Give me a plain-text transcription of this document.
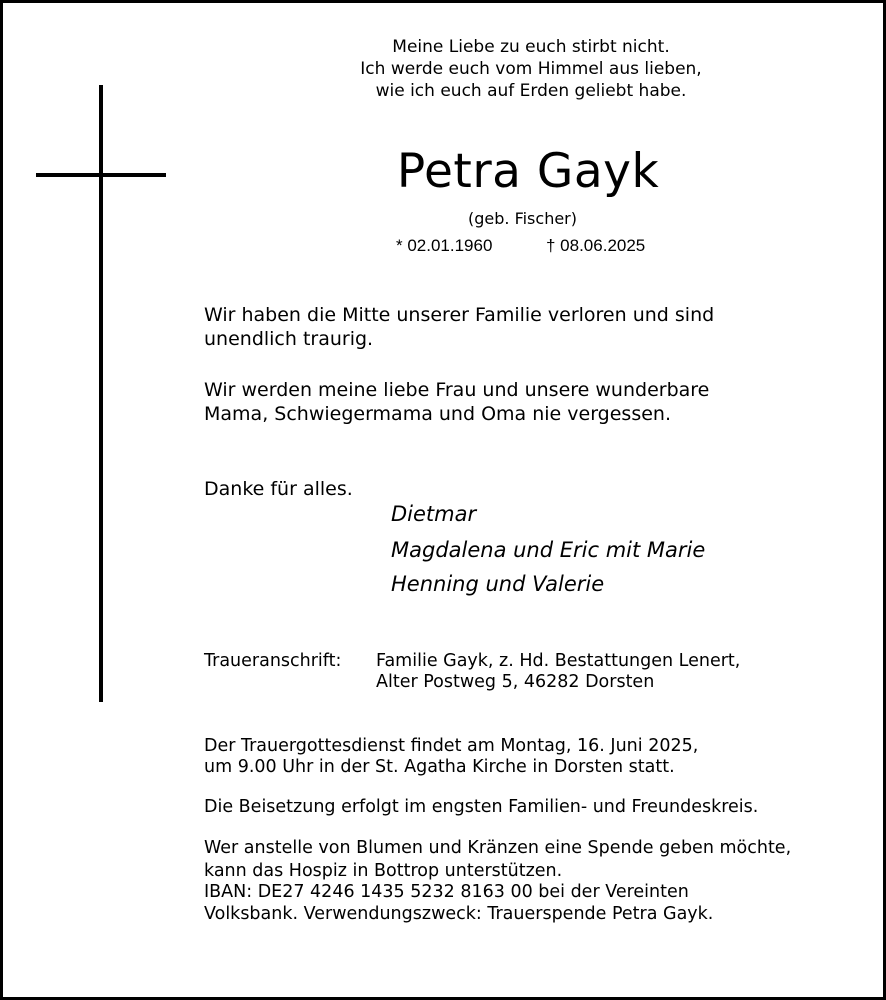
Meine Liebe zu euch stirbt nicht.
Ich werde euch vom Himmel aus lieben,
wie ich euch auf Erden geliebt habe.
Petra Gayk
(geb. Fischer)
* 02.01.1960	† 08.06.2025
Wir haben die Mitte unserer Familie verloren und sind
unendlich traurig.
Wir werden meine liebe Frau und unsere wunderbare
Mama, Schwiegermama und Oma nie vergessen.
Danke für alles.
Dietmar
Magdalena und Eric mit Marie
Henning und Valerie
Traueranschrift: Familie Gayk, z. Hd. Bestattungen Lenert,
Alter Postweg 5, 46282 Dorsten
Der Trauergottesdienst findet am Montag, 16. Juni 2025,
um 9.00 Uhr in der St. Agatha Kirche in Dorsten statt.
Die Beisetzung erfolgt im engsten Familien- und Freundeskreis.
Wer anstelle von Blumen und Kränzen eine Spende geben möchte,
kann das Hospiz in Bottrop unterstützen.
IBAN: DE27 4246 1435 5232 8163 00 bei der Vereinten
Volksbank. Verwendungszweck: Trauerspende Petra Gayk.
